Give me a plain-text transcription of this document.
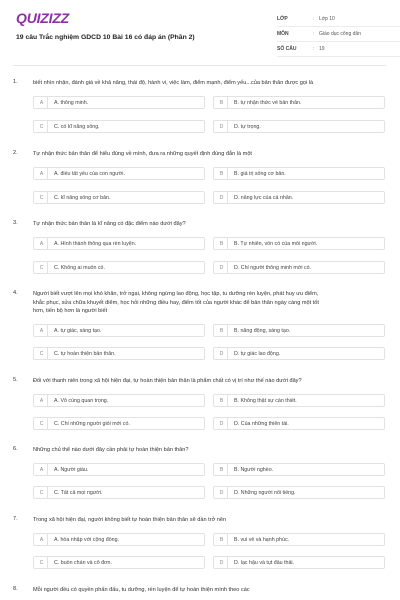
QUIZIZZ
19 câu Trắc nghiệm GDCD 10 Bài 16 có đáp án (Phần 2)
LỚP	: Lớp 10
MÔN	: Giáo dục công dân
SỐ CÂU	: 19
1.	biết nhìn nhận, đánh giá về khả năng, thái độ, hành vi, việc làm, điểm mạnh, điểm yếu...của bản thân được gọi là
A	A. thông minh.	B	B. tự nhận thức về bản thân.
C	C. có kĩ năng sống.	D	D. tự trọng.
2.	Tự nhận thức bản thân để hiểu đúng về mình, đưa ra những quyết định đúng đắn là một
A	A. điều tất yếu của con người.	B	B. giá trị sống cơ bản.
C	C. kĩ năng sống cơ bản.	D	D. năng lực của cá nhân.
3.	Tự nhận thức bản thân là kĩ năng có đặc điểm nào dưới đây?
A	A. Hình thành thông qua rèn luyện.	B	B. Tự nhiên, vốn có của mỗi người.
C	C. Không ai muốn có.	D	D. Chỉ người thông minh mới có.
4.	Người biết vượt lên mọi khó khăn, trở ngại, không ngừng lao động, học tập, tu dưỡng rèn luyện, phát huy ưu điểm,
khắc phục, sửa chữa khuyết điểm, học hỏi những điều hay, điểm tốt của người khác để bản thân ngày càng một tốt
hơn, tiến bộ hơn là người biết
A	A. tự giác, sáng tạo.	B	B. năng động, sáng tạo.
C	C. tự hoàn thiện bản thân.	D	D. tự giác lao động.
5.	Đối với thanh niên trong xã hội hiện đại, tự hoàn thiện bản thân là phẩm chất có vị trí như thế nào dưới đây?
A	A. Vô cùng quan trọng.	B	B. Không thật sự cần thiết.
C	C. Chỉ những người giỏi mới có.	D	D. Của những thiên tài.
6.	Những chủ thể nào dưới đây cần phải tự hoàn thiện bản thân?
A	A. Người giàu.	B	B. Người nghèo.
C	C. Tất cả mọi người.	D	D. Những người nổi tiếng.
7.	Trong xã hội hiện đại, người không biết tự hoàn thiện bản thân sẽ dần trở nên
A	A. hòa nhập với cộng đồng.	B	B. vui vẻ và hạnh phúc.
C	C. buồn chán và cô đơn.	D	D. lạc hậu và tụt đầu thải.
8.	Mỗi người đều có quyền phấn đấu, tu dưỡng, rèn luyện để tự hoàn thiện mình theo các
